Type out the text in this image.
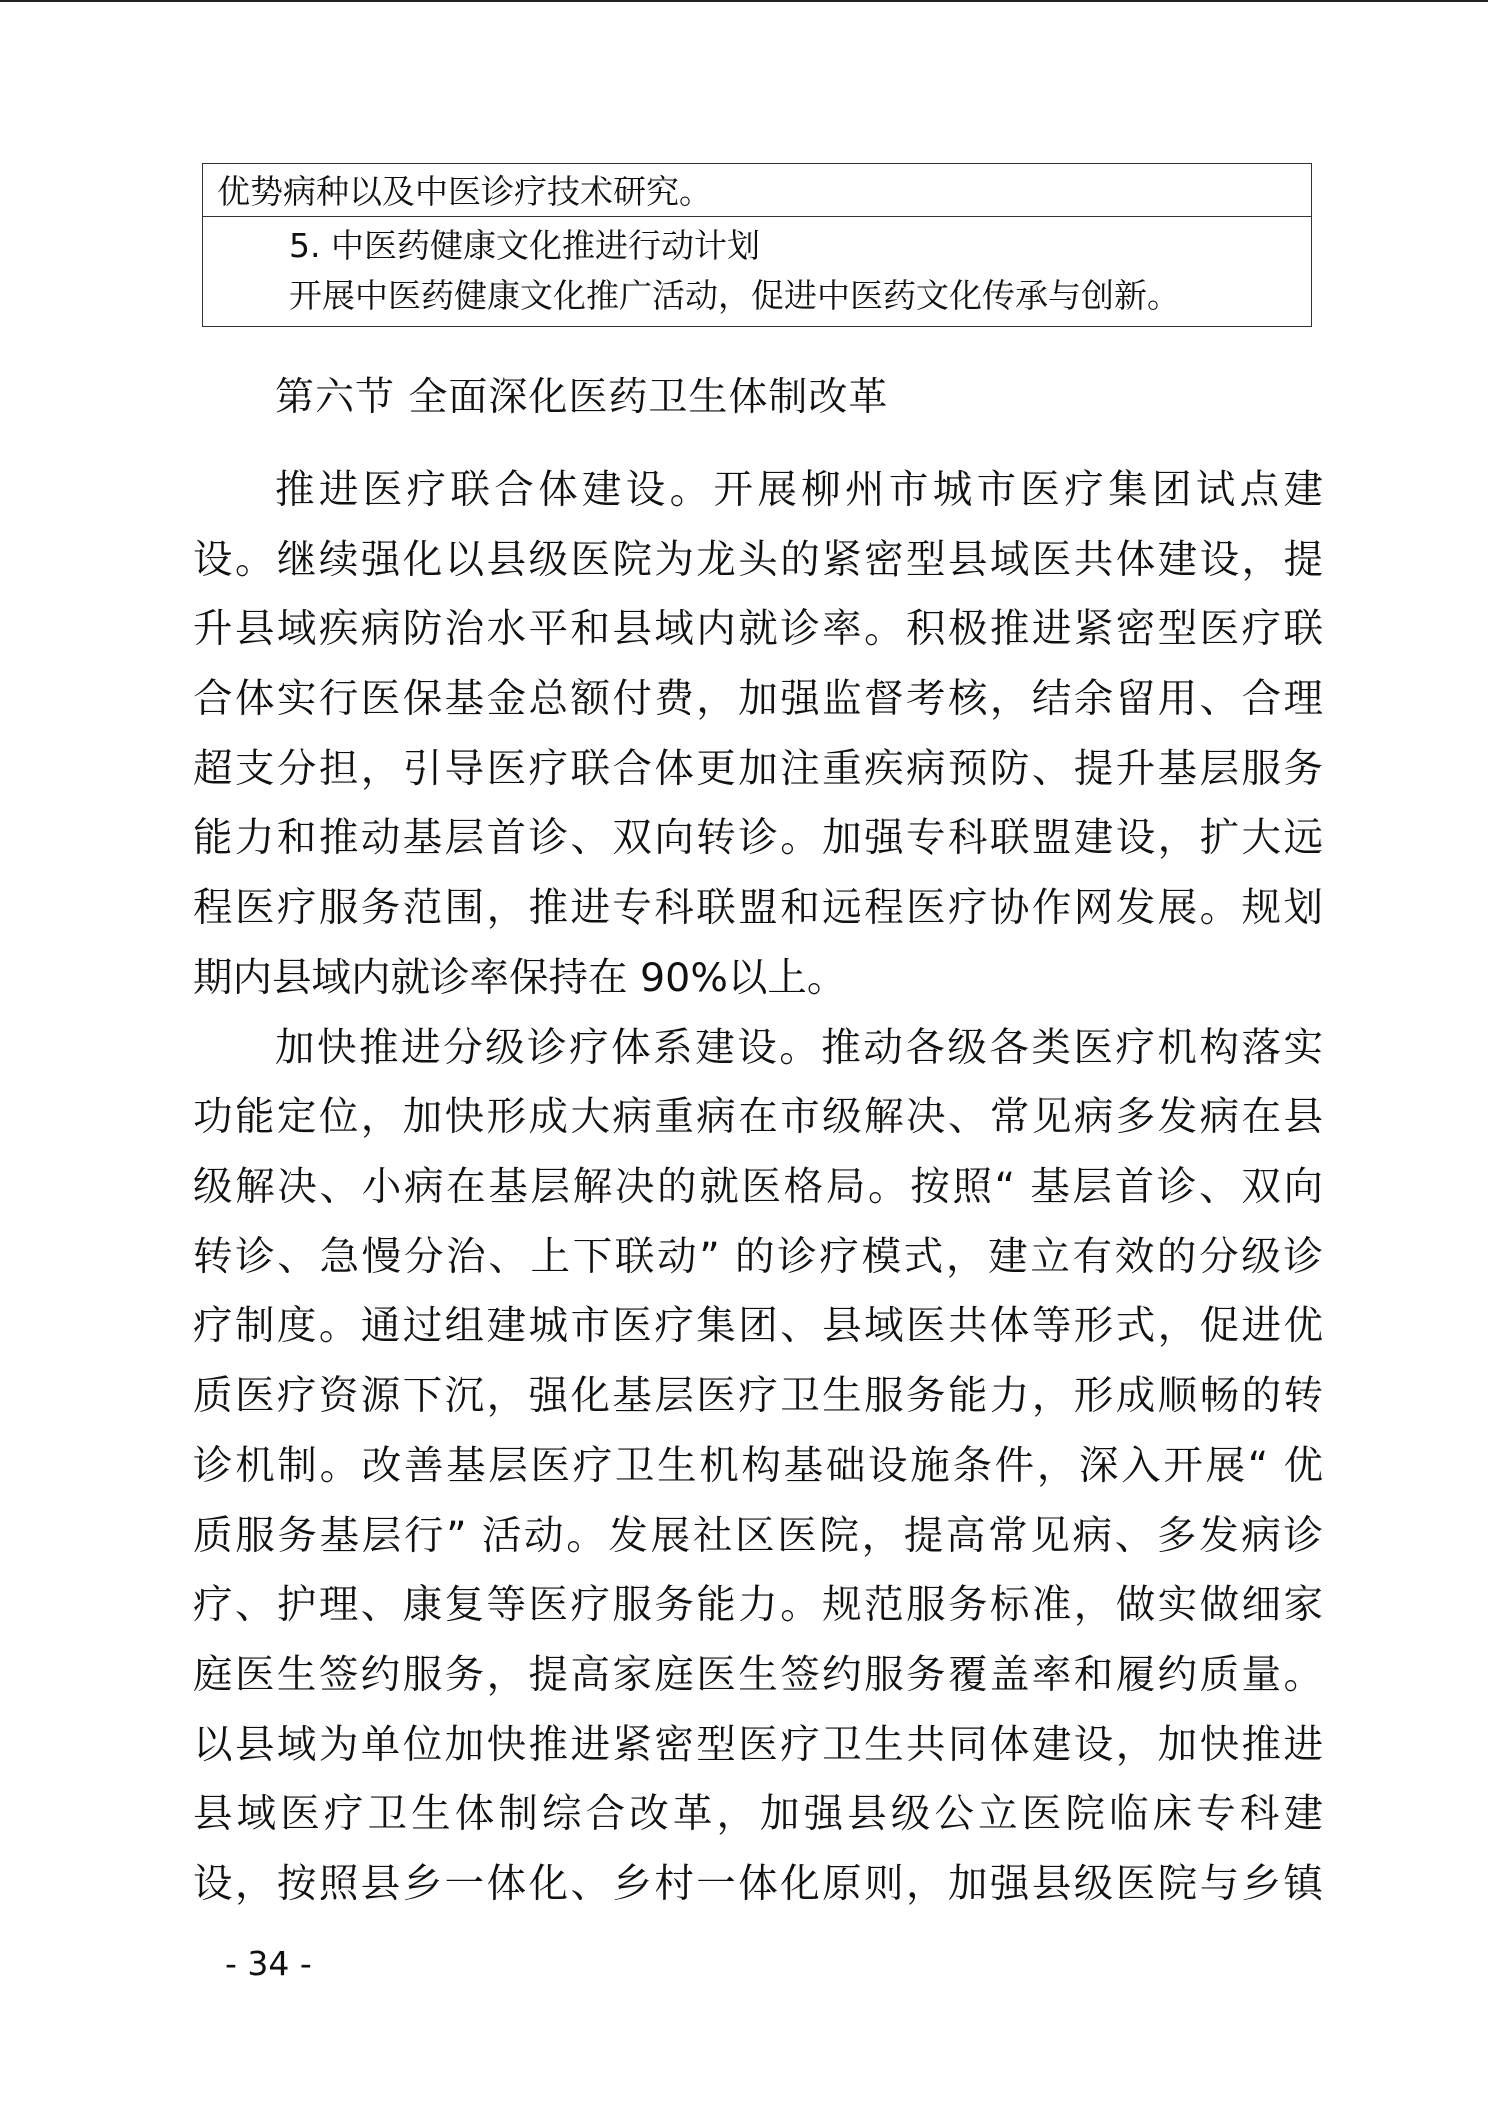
优势病种以及中医诊疗技术研究。
5. 中医药健康文化推进行动计划
开展中医药健康文化推广活动，促进中医药文化传承与创新。
第六节 全面深化医药卫生体制改革
推进医疗联合体建设。开展柳州市城市医疗集团试点建
设。继续强化以县级医院为龙头的紧密型县域医共体建设，提
升县域疾病防治水平和县域内就诊率。积极推进紧密型医疗联
合体实行医保基金总额付费，加强监督考核，结余留用、合理
超支分担，引导医疗联合体更加注重疾病预防、提升基层服务
能力和推动基层首诊、双向转诊。加强专科联盟建设，扩大远
程医疗服务范围，推进专科联盟和远程医疗协作网发展。规划
期内县域内就诊率保持在 90%以上。
加快推进分级诊疗体系建设。推动各级各类医疗机构落实
功能定位，加快形成大病重病在市级解决、常见病多发病在县
级解决、小病在基层解决的就医格局。按照“ 基层首诊、双向
转诊、急慢分治、上下联动” 的诊疗模式，建立有效的分级诊
疗制度。通过组建城市医疗集团、县域医共体等形式，促进优
质医疗资源下沉，强化基层医疗卫生服务能力，形成顺畅的转
诊机制。改善基层医疗卫生机构基础设施条件，深入开展“ 优
质服务基层行” 活动。发展社区医院，提高常见病、多发病诊
疗、护理、康复等医疗服务能力。规范服务标准，做实做细家
庭医生签约服务，提高家庭医生签约服务覆盖率和履约质量。
以县域为单位加快推进紧密型医疗卫生共同体建设，加快推进
县域医疗卫生体制综合改革，加强县级公立医院临床专科建
设，按照县乡一体化、乡村一体化原则，加强县级医院与乡镇
- 34 -
